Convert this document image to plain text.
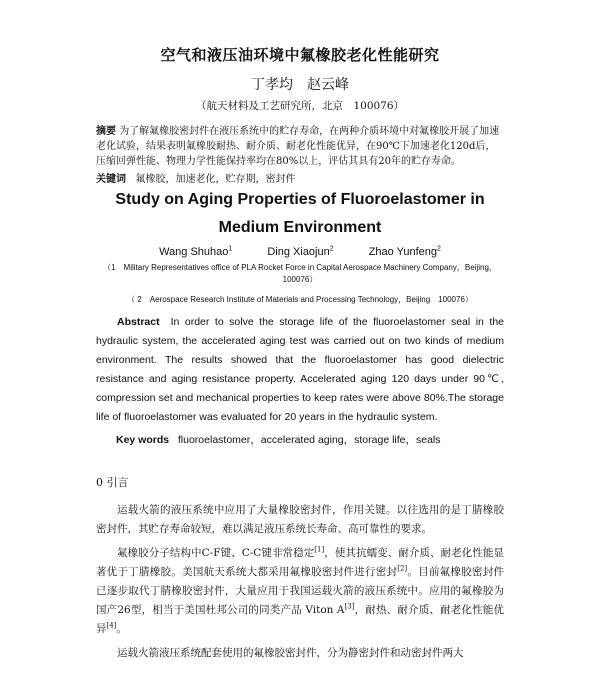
空气和液压油环境中氟橡胶老化性能研究
丁孝均　赵云峰
（航天材料及工艺研究所，北京　100076）
摘要 为了解氟橡胶密封件在液压系统中的贮存寿命，在两种介质环境中对氟橡胶开展了加速老化试验，结果表明氟橡胶耐热、耐介质、耐老化性能优异，在90℃下加速老化120d后，压缩回弹性能、物理力学性能保持率均在80%以上，评估其具有20年的贮存寿命。
关键词 氟橡胶，加速老化，贮存期，密封件
Study on Aging Properties of Fluoroelastomer in Medium Environment
Wang Shuhao$^1$	Ding Xiaojun$^2$	Zhao Yunfeng$^2$
（1　Military Representatives office of PLA Rocket Force in Capital Aerospace Machinery Company，Beijing，100076）
（ 2　Aerospace Research Institute of Materials and Processing Technology，Beijing　100076）
Abstract In order to solve the storage life of the fluoroelastomer seal in the hydraulic system, the accelerated aging test was carried out on two kinds of medium environment. The results showed that the fluoroelastomer has good dielectric resistance and aging resistance property. Accelerated aging 120 days under 90℃, compression set and mechanical properties to keep rates were above 80%.The storage life of fluoroelastomer was evaluated for 20 years in the hydraulic system.
Key words fluoroelastomer，accelerated aging，storage life，seals
0 引言

运载火箭的液压系统中应用了大量橡胶密封件，作用关键。以往选用的是丁腈橡胶密封件，其贮存寿命较短，难以满足液压系统长寿命、高可靠性的要求。

氟橡胶分子结构中C-F键、C-C键非常稳定[1]，使其抗蠕变、耐介质、耐老化性能显著优于丁腈橡胶。美国航天系统大都采用氟橡胶密封件进行密封[2]。目前氟橡胶密封件已逐步取代丁腈橡胶密封件，大量应用于我国运载火箭的液压系统中。应用的氟橡胶为国产26型，相当于美国杜邦公司的同类产品 Viton A[3]，耐热、耐介质、耐老化性能优异[4]。

运载火箭液压系统配套使用的氟橡胶密封件，分为静密封件和动密封件两大
